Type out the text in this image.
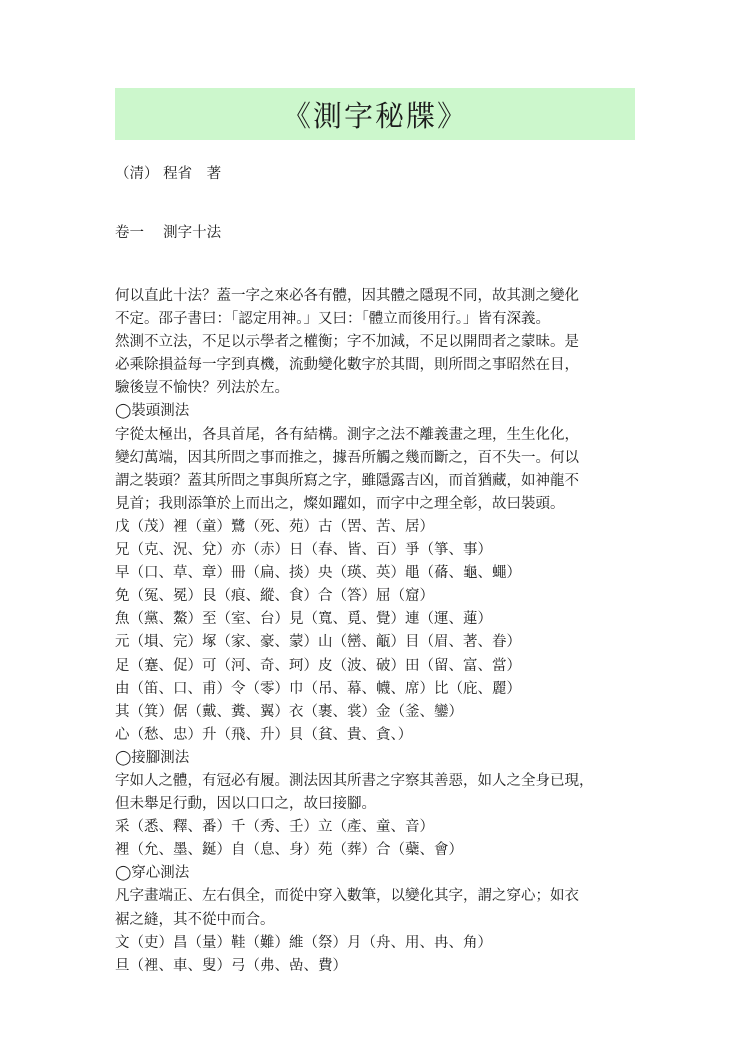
《測字秘牒》
（清） 程省　著
卷一　 測字十法
何以直此十法？蓋一字之來必各有體，因其體之隱現不同，故其測之變化
不定。邵子書曰：「認定用神。」又曰：「體立而後用行。」皆有深義。
然測不立法，不足以示學者之權衡；字不加減，不足以開問者之蒙昧。是
必乘除損益每一字到真機，流動變化數字於其間，則所問之事昭然在目，
驗後豈不愉快？列法於左。
◯裝頭測法
字從太極出，各具首尾，各有結構。測字之法不離義畫之理，生生化化，
變幻萬端，因其所問之事而推之，據吾所觸之幾而斷之，百不失一。何以
謂之裝頭？蓋其所問之事與所寫之字，雖隱露吉凶，而首猶藏，如神龍不
見首；我則添筆於上而出之，燦如躍如，而字中之理全彰，故曰裝頭。
戊（茂）裡（童）鷺（死、苑）古（罟、苦、居）
兄（克、況、兌）亦（赤）日（春、皆、百）爭（箏、事）
早（口、草、章）冊（扁、掞）央（瑛、英）黽（蓨、龜、蠅）
免（冤、冕）艮（痕、縱、食）合（答）屈（窟）
魚（黨、鰲）至（室、台）見（寬、覓、覺）連（運、蓮）
元（塤、完）塚（家、豪、蒙）山（巒、甋）目（眉、著、眷）
足（蹇、促）可（河、奇、珂）皮（波、破）田（留、富、當）
由（笛、口、甫）令（零）巾（吊、幕、幭、席）比（庇、麗）
其（箕）倨（戴、糞、翼）衣（裹、裳）金（釜、鑾）
心（愁、忠）升（飛、升）貝（貧、貴、貪、）
◯接腳測法
字如人之體，有冠必有履。測法因其所書之字察其善惡，如人之全身已現，
但未舉足行動，因以口口之，故曰接腳。
采（悉、釋、番）千（秀、壬）立（產、童、音）
裡（允、墨、鋋）自（息、身）苑（葬）合（蘗、會）
◯穿心測法
凡字畫端正、左右俱全，而從中穿入數筆，以變化其字，謂之穿心；如衣
裾之縫，其不從中而合。
文（吏）昌（量）鞋（難）維（祭）月（舟、用、冉、角）
旦（裡、車、叟）弓（弗、嵒、費）
